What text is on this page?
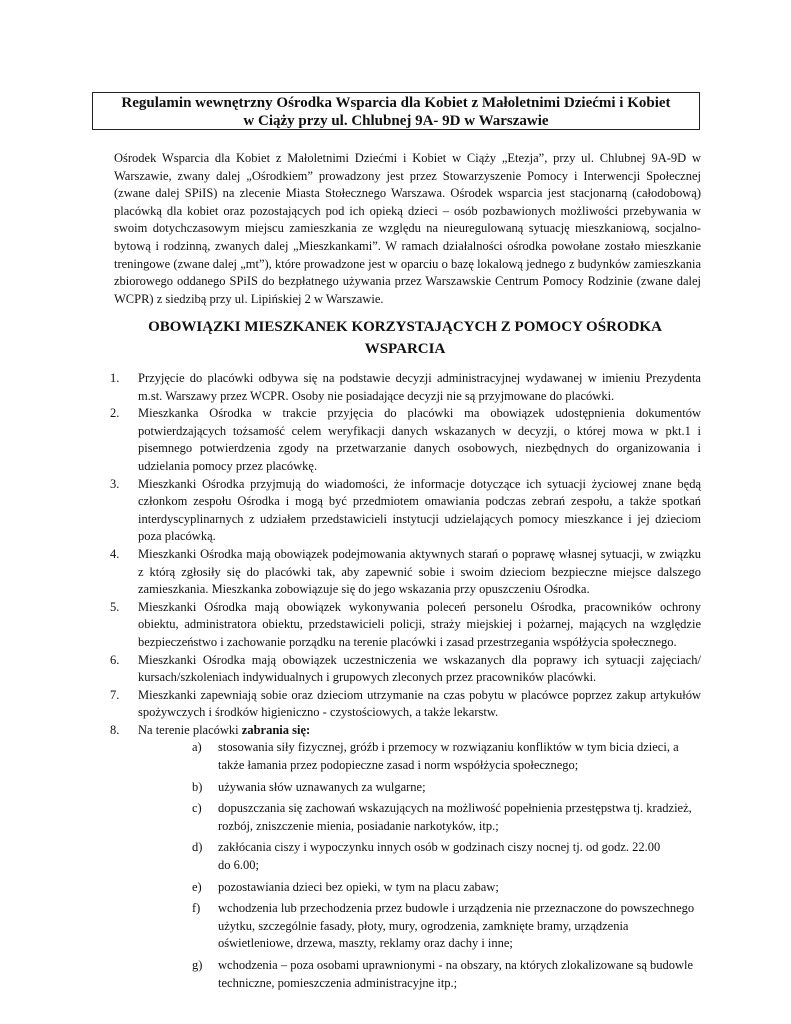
Regulamin wewnętrzny Ośrodka Wsparcia dla Kobiet z Małoletnimi Dziećmi i Kobiet
w Ciąży przy ul. Chlubnej 9A- 9D w Warszawie

Ośrodek Wsparcia dla Kobiet z Małoletnimi Dziećmi i Kobiet w Ciąży „Etezja”, przy ul. Chlubnej 9A-9D w Warszawie, zwany dalej „Ośrodkiem” prowadzony jest przez Stowarzyszenie Pomocy i Interwencji Społecznej (zwane dalej SPiIS) na zlecenie Miasta Stołecznego Warszawa. Ośrodek wsparcia jest stacjonarną (całodobową) placówką dla kobiet oraz pozostających pod ich opieką dzieci – osób pozbawionych możliwości przebywania w swoim dotychczasowym miejscu zamieszkania ze względu na nieuregulowaną sytuację mieszkaniową, socjalno-bytową i rodzinną, zwanych dalej „Mieszkankami”. W ramach działalności ośrodka powołane zostało mieszkanie treningowe (zwane dalej „mt”), które prowadzone jest w oparciu o bazę lokalową jednego z budynków zamieszkania zbiorowego oddanego SPiIS do bezpłatnego używania przez Warszawskie Centrum Pomocy Rodzinie (zwane dalej WCPR) z siedzibą przy ul. Lipińskiej 2 w Warszawie.

OBOWIĄZKI MIESZKANEK KORZYSTAJĄCYCH Z POMOCY OŚRODKA
WSPARCIA
1. Przyjęcie do placówki odbywa się na podstawie decyzji administracyjnej wydawanej w imieniu Prezydenta m.st. Warszawy przez WCPR. Osoby nie posiadające decyzji nie są przyjmowane do placówki.
2. Mieszkanka Ośrodka w trakcie przyjęcia do placówki ma obowiązek udostępnienia dokumentów potwierdzających tożsamość celem weryfikacji danych wskazanych w decyzji, o której mowa w pkt.1 i pisemnego potwierdzenia zgody na przetwarzanie danych osobowych, niezbędnych do organizowania i udzielania pomocy przez placówkę.
3. Mieszkanki Ośrodka przyjmują do wiadomości, że informacje dotyczące ich sytuacji życiowej znane będą członkom zespołu Ośrodka i mogą być przedmiotem omawiania podczas zebrań zespołu, a także spotkań interdyscyplinarnych z udziałem przedstawicieli instytucji udzielających pomocy mieszkance i jej dzieciom poza placówką.
4. Mieszkanki Ośrodka mają obowiązek podejmowania aktywnych starań o poprawę własnej sytuacji, w związku z którą zgłosiły się do placówki tak, aby zapewnić sobie i swoim dzieciom bezpieczne miejsce dalszego zamieszkania. Mieszkanka zobowiązuje się do jego wskazania przy opuszczeniu Ośrodka.
5. Mieszkanki Ośrodka mają obowiązek wykonywania poleceń personelu Ośrodka, pracowników ochrony obiektu, administratora obiektu, przedstawicieli policji, straży miejskiej i pożarnej, mających na względzie bezpieczeństwo i zachowanie porządku na terenie placówki i zasad przestrzegania współżycia społecznego.
6. Mieszkanki Ośrodka mają obowiązek uczestniczenia we wskazanych dla poprawy ich sytuacji zajęciach/ kursach/szkoleniach indywidualnych i grupowych zleconych przez pracowników placówki.
7. Mieszkanki zapewniają sobie oraz dzieciom utrzymanie na czas pobytu w placówce poprzez zakup artykułów spożywczych i środków higieniczno - czystościowych, a także lekarstw.
8. Na terenie placówki zabrania się:
a) stosowania siły fizycznej, gróźb i przemocy w rozwiązaniu konfliktów w tym bicia dzieci, a także łamania przez podopieczne zasad i norm współżycia społecznego;
b) używania słów uznawanych za wulgarne;
c) dopuszczania się zachowań wskazujących na możliwość popełnienia przestępstwa tj. kradzież, rozbój, zniszczenie mienia, posiadanie narkotyków, itp.;
d) zakłócania ciszy i wypoczynku innych osób w godzinach ciszy nocnej tj. od godz. 22.00
do 6.00;
e) pozostawiania dzieci bez opieki, w tym na placu zabaw;
f) wchodzenia lub przechodzenia przez budowle i urządzenia nie przeznaczone do powszechnego użytku, szczególnie fasady, płoty, mury, ogrodzenia, zamknięte bramy, urządzenia oświetleniowe, drzewa, maszty, reklamy oraz dachy i inne;
g) wchodzenia – poza osobami uprawnionymi - na obszary, na których zlokalizowane są budowle techniczne, pomieszczenia administracyjne itp.;
